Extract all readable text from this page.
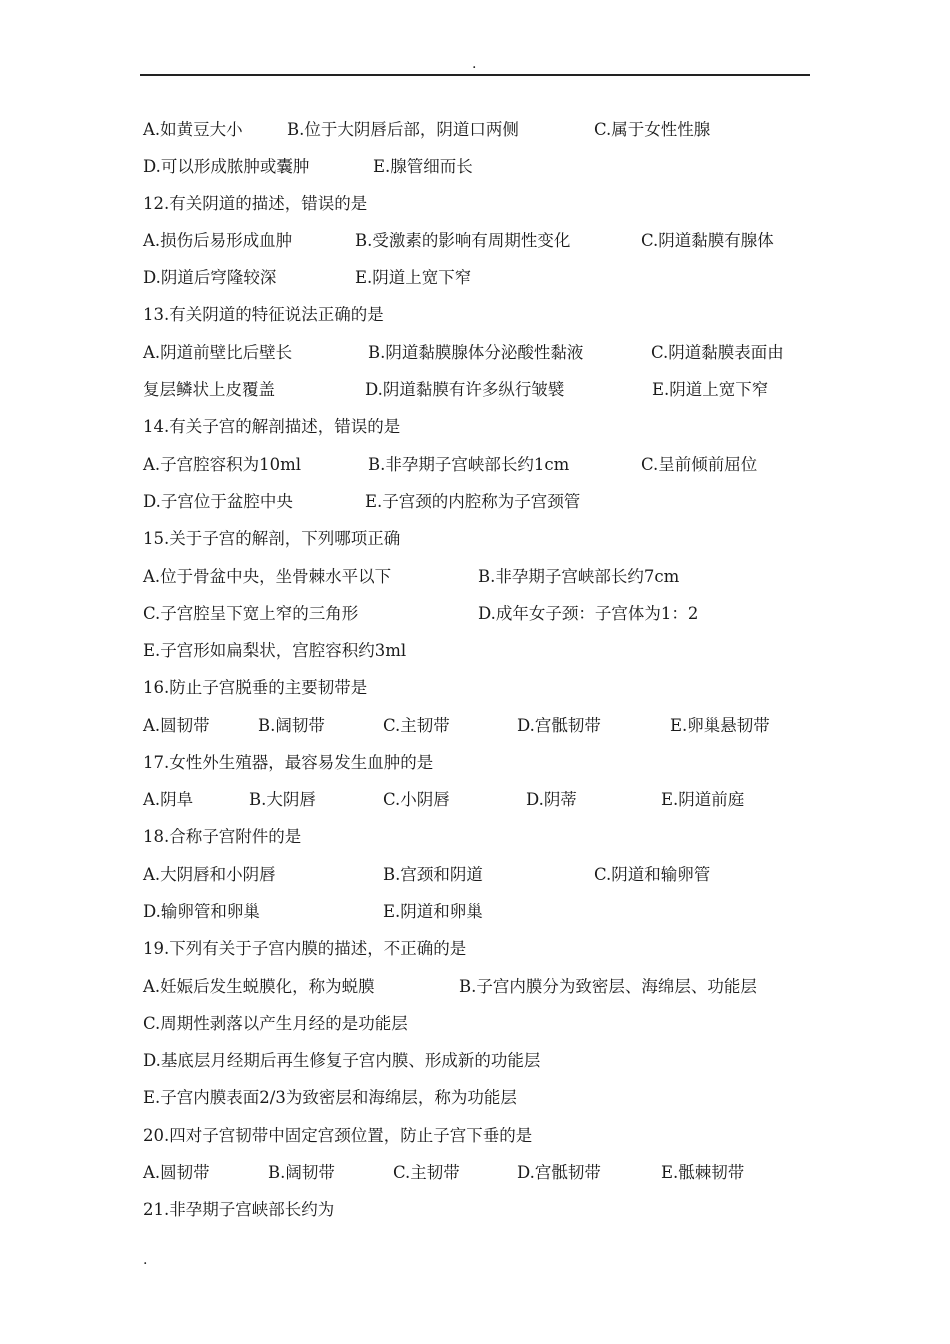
.
A.如黄豆大小	B.位于大阴唇后部，阴道口两侧	C.属于女性性腺
D.可以形成脓肿或囊肿	E.腺管细而长
12.有关阴道的描述，错误的是
A.损伤后易形成血肿	B.受激素的影响有周期性变化	C.阴道黏膜有腺体
D.阴道后穹隆较深	E.阴道上宽下窄
13.有关阴道的特征说法正确的是
A.阴道前壁比后壁长	B.阴道黏膜腺体分泌酸性黏液	C.阴道黏膜表面由
复层鳞状上皮覆盖	D.阴道黏膜有许多纵行皱襞	E.阴道上宽下窄
14.有关子宫的解剖描述，错误的是
A.子宫腔容积为10ml	B.非孕期子宫峡部长约1cm	C.呈前倾前屈位
D.子宫位于盆腔中央	E.子宫颈的内腔称为子宫颈管
15.关于子宫的解剖，下列哪项正确
A.位于骨盆中央，坐骨棘水平以下	B.非孕期子宫峡部长约7cm
C.子宫腔呈下宽上窄的三角形	D.成年女子颈：子宫体为1：2
E.子宫形如扁梨状，宫腔容积约3ml
16.防止子宫脱垂的主要韧带是
A.圆韧带	B.阔韧带	C.主韧带	D.宫骶韧带	E.卵巢悬韧带
17.女性外生殖器，最容易发生血肿的是
A.阴阜	B.大阴唇	C.小阴唇	D.阴蒂	E.阴道前庭
18.合称子宫附件的是
A.大阴唇和小阴唇	B.宫颈和阴道	C.阴道和输卵管
D.输卵管和卵巢	E.阴道和卵巢
19.下列有关于子宫内膜的描述，不正确的是
A.妊娠后发生蜕膜化，称为蜕膜	B.子宫内膜分为致密层、海绵层、功能层
C.周期性剥落以产生月经的是功能层
D.基底层月经期后再生修复子宫内膜、形成新的功能层
E.子宫内膜表面2/3为致密层和海绵层，称为功能层
20.四对子宫韧带中固定宫颈位置，防止子宫下垂的是
A.圆韧带	B.阔韧带	C.主韧带	D.宫骶韧带	E.骶棘韧带
21.非孕期子宫峡部长约为
.
